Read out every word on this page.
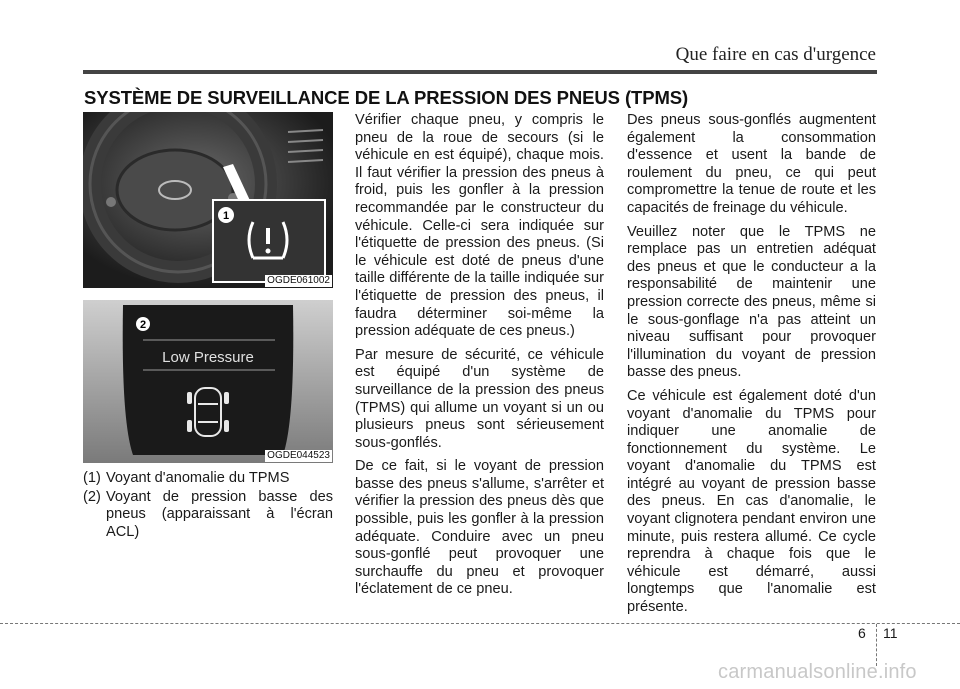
Que faire en cas d'urgence
SYSTÈME DE SURVEILLANCE DE LA PRESSION DES PNEUS (TPMS)
1
OGDE061002
2
Low Pressure
OGDE044523
(1) Voyant d'anomalie du TPMS
(2) Voyant de pression basse des pneus (apparaissant à l'écran ACL)

Vérifier chaque pneu, y compris le pneu de la roue de secours (si le véhicule en est équipé), chaque mois. Il faut vérifier la pression des pneus à froid, puis les gonfler à la pression recommandée par le constructeur du véhicule. Celle-ci sera indiquée sur l'étiquette de pression des pneus. (Si le véhicule est doté de pneus d'une taille différente de la taille indiquée sur l'étiquette de pression des pneus, il faudra déterminer soi-même la pression adéquate de ces pneus.)

Par mesure de sécurité, ce véhicule est équipé d'un système de surveillance de la pression des pneus (TPMS) qui allume un voyant si un ou plusieurs pneus sont sérieusement sous-gonflés.

De ce fait, si le voyant de pression basse des pneus s'allume, s'arrêter et vérifier la pression des pneus dès que possible, puis les gonfler à la pression adéquate. Conduire avec un pneu sous-gonflé peut provoquer une surchauffe du pneu et provoquer l'éclatement de ce pneu.

Des pneus sous-gonflés augmentent également la consommation d'essence et usent la bande de roulement du pneu, ce qui peut compromettre la tenue de route et les capacités de freinage du véhicule.

Veuillez noter que le TPMS ne remplace pas un entretien adéquat des pneus et que le conducteur a la responsabilité de maintenir une pression correcte des pneus, même si le sous-gonflage n'a pas atteint un niveau suffisant pour provoquer l'illumination du voyant de pression basse des pneus.

Ce véhicule est également doté d'un voyant d'anomalie du TPMS pour indiquer une anomalie de fonctionnement du système. Le voyant d'anomalie du TPMS est intégré au voyant de pression basse des pneus. En cas d'anomalie, le voyant clignotera pendant environ une minute, puis restera allumé. Ce cycle reprendra à chaque fois que le véhicule est démarré, aussi longtemps que l'anomalie est présente.

6 11
carmanualsonline.info
